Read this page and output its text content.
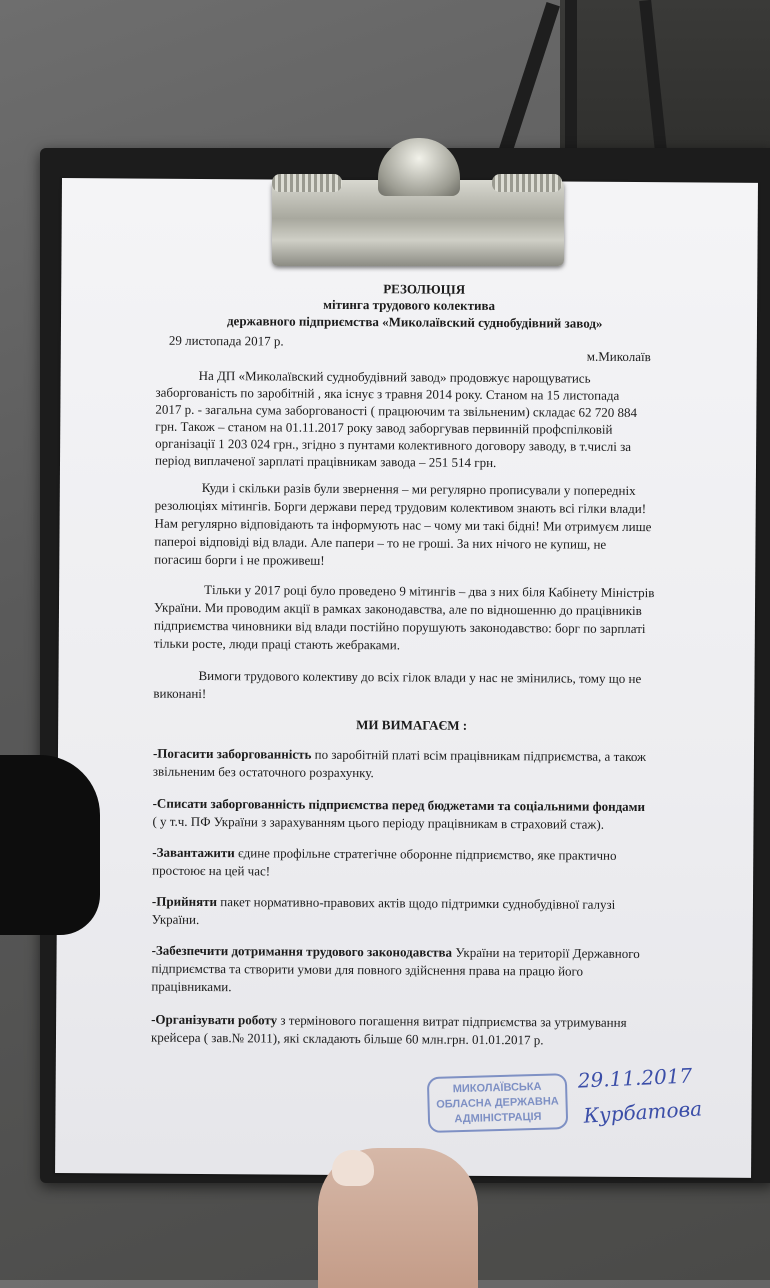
РЕЗОЛЮЦІЯ
мітинга трудового колектива
державного підприємства «Миколаївский суднобудівний завод»
29 листопада 2017 р.
м.Миколаїв
На ДП «Миколаївский суднобудівний завод» продовжує нарощуватись
заборгованість по заробітній , яка існує з травня 2014 року. Станом на 15 листопада
2017 р. - загальна сума заборгованості ( працюючим та звільненим) складає 62 720 884
грн. Також – станом на 01.11.2017 року завод заборгував первинній профспілковій
організації 1 203 024 грн., згідно з пунтами колективного договору заводу, в т.числі за
період виплаченої зарплаті працівникам завода – 251 514 грн.
Куди і скільки разів були звернення – ми регулярно прописували у попередніх
резолюціях мітингів. Борги держави перед трудовим колективом знають всі гілки влади!
Нам регулярно відповідають та інформують нас – чому ми такі бідні! Ми отримуєм лише
папероі відповіді від влади. Але папери – то не гроші. За них нічого не купиш, не
погасиш борги і не проживеш!
Тільки у 2017 році було проведено 9 мітингів – два з них біля Кабінету Міністрів
України. Ми проводим акції в рамках законодавства, але по відношенню до працівників
підприємства чиновники від влади постійно порушують законодавство: борг по зарплаті
тільки росте, люди праці стають жебраками.
Вимоги трудового колективу до всіх гілок влади у нас не змінились, тому що не
виконані!
МИ ВИМАГАЄМ :
-Погасити заборгованність по заробітній платі всім працівникам підприємства, а також
звільненим без остаточного розрахунку.
-Списати заборгованність підприємства перед бюджетами та соціальними фондами
( у т.ч. ПФ України з зарахуванням цього періоду працівникам в страховий стаж).
-Завантажити єдине профільне стратегічне оборонне підприємство, яке практично
простоює на цей час!
-Прийняти пакет нормативно-правових актів щодо підтримки суднобудівної галузі
України.
-Забезпечити дотримання трудового законодавства України на території Державного
підприємства та створити умови для повного здійснення права на працю його
працівниками.
-Організувати роботу з термінового погашення витрат підприємства за утримування
крейсера ( зав.№ 2011), які складають більше 60 млн.грн. 01.01.2017 р.
МИКОЛАЇВСЬКА
ОБЛАСНА ДЕРЖАВНА
АДМІНІСТРАЦІЯ
29.11.2017
Курбатова
